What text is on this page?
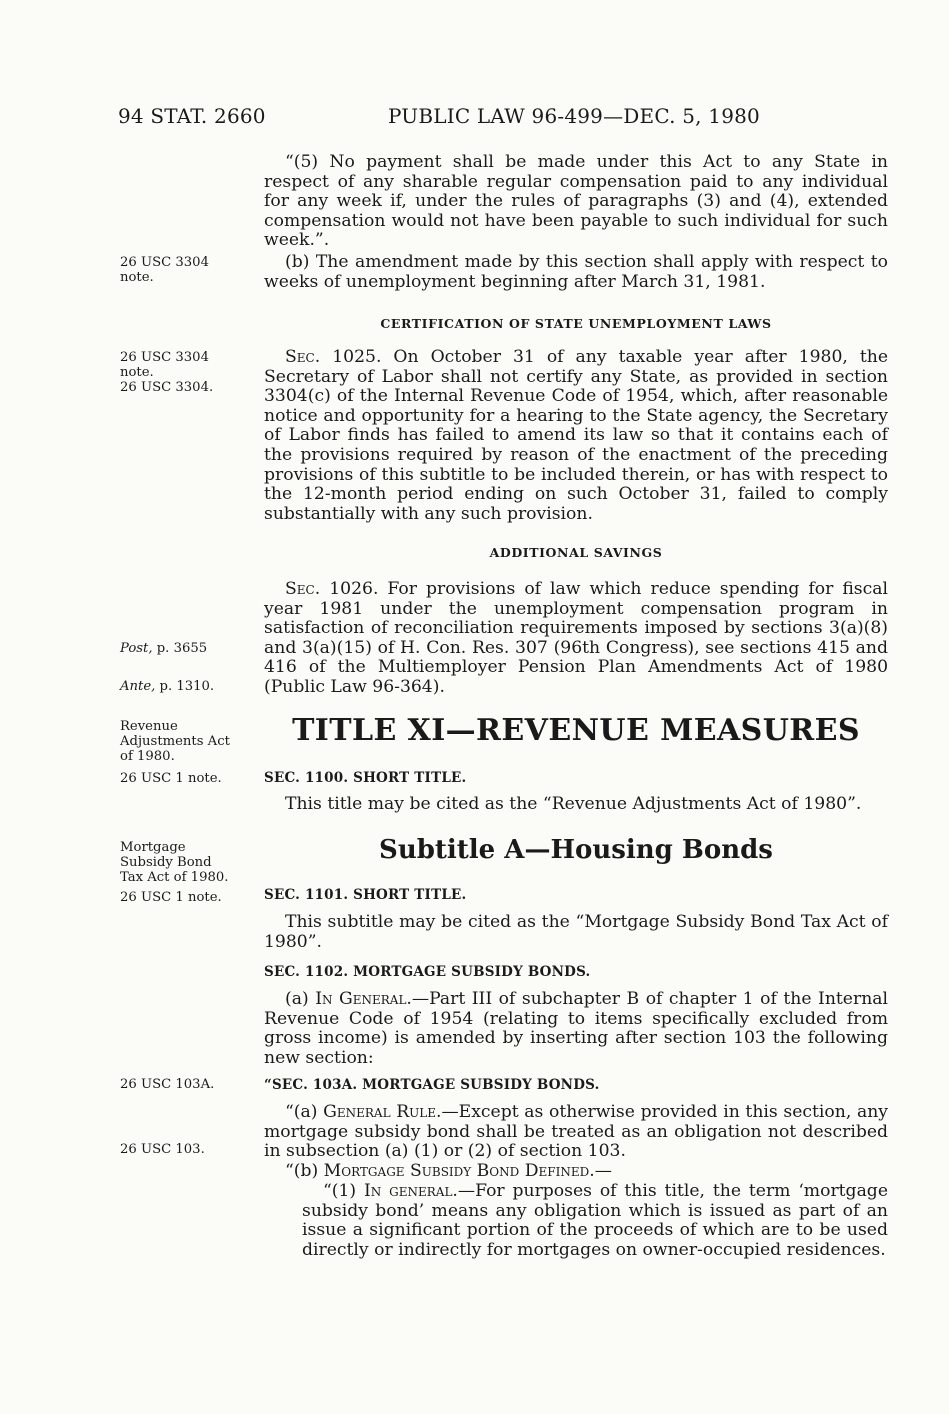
94 STAT. 2660	PUBLIC LAW 96-499—DEC. 5, 1980
26 USC 3304
note.
26 USC 3304
note.
26 USC 3304.
Post, p. 3655
Ante, p. 1310.
Revenue
Adjustments Act
of 1980.
26 USC 1 note.
Mortgage
Subsidy Bond
Tax Act of 1980.
26 USC 1 note.
26 USC 103A.
26 USC 103.
“(5) No payment shall be made under this Act to any State in respect of any sharable regular compensation paid to any individual for any week if, under the rules of paragraphs (3) and (4), extended compensation would not have been payable to such individual for such week.”.
(b) The amendment made by this section shall apply with respect to weeks of unemployment beginning after March 31, 1981.
CERTIFICATION OF STATE UNEMPLOYMENT LAWS
Sec. 1025. On October 31 of any taxable year after 1980, the Secretary of Labor shall not certify any State, as provided in section 3304(c) of the Internal Revenue Code of 1954, which, after reasonable notice and opportunity for a hearing to the State agency, the Secretary of Labor finds has failed to amend its law so that it contains each of the provisions required by reason of the enactment of the preceding provisions of this subtitle to be included therein, or has with respect to the 12-month period ending on such October 31, failed to comply substantially with any such provision.
ADDITIONAL SAVINGS
Sec. 1026. For provisions of law which reduce spending for fiscal year 1981 under the unemployment compensation program in satisfaction of reconciliation requirements imposed by sections 3(a)(8) and 3(a)(15) of H. Con. Res. 307 (96th Congress), see sections 415 and 416 of the Multiemployer Pension Plan Amendments Act of 1980 (Public Law 96-364).
TITLE XI—REVENUE MEASURES
SEC. 1100. SHORT TITLE.
This title may be cited as the “Revenue Adjustments Act of 1980”.
Subtitle A—Housing Bonds
SEC. 1101. SHORT TITLE.
This subtitle may be cited as the “Mortgage Subsidy Bond Tax Act of 1980”.
SEC. 1102. MORTGAGE SUBSIDY BONDS.
(a) In General.—Part III of subchapter B of chapter 1 of the Internal Revenue Code of 1954 (relating to items specifically excluded from gross income) is amended by inserting after section 103 the following new section:
“SEC. 103A. MORTGAGE SUBSIDY BONDS.
“(a) General Rule.—Except as otherwise provided in this section, any mortgage subsidy bond shall be treated as an obligation not described in subsection (a) (1) or (2) of section 103.
“(b) Mortgage Subsidy Bond Defined.—
“(1) In general.—For purposes of this title, the term ‘mortgage subsidy bond’ means any obligation which is issued as part of an issue a significant portion of the proceeds of which are to be used directly or indirectly for mortgages on owner-occupied residences.
